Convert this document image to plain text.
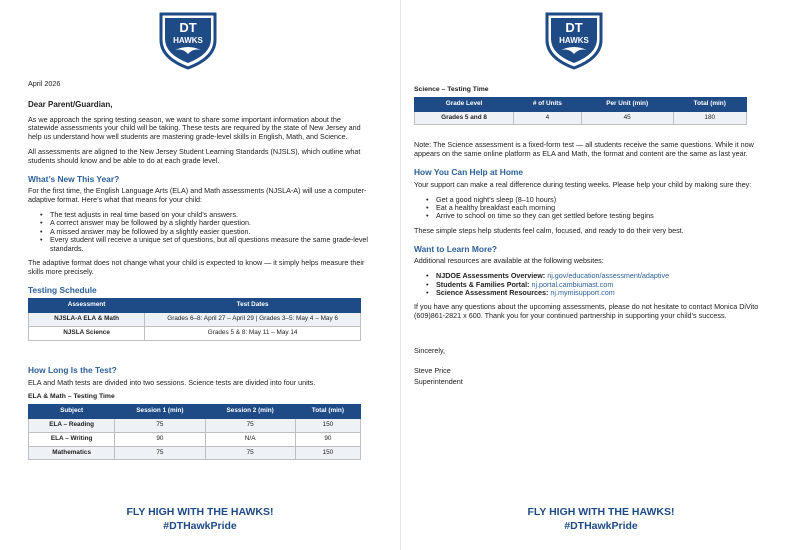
DT
HAWKS

April 2026

Dear Parent/Guardian,

As we approach the spring testing season, we want to share some important information about the statewide assessments your child will be taking. These tests are required by the state of New Jersey and help us understand how well students are mastering grade-level skills in English, Math, and Science.

All assessments are aligned to the New Jersey Student Learning Standards (NJSLS), which outline what students should know and be able to do at each grade level.

What’s New This Year?

For the first time, the English Language Arts (ELA) and Math assessments (NJSLA-A) will use a computer-adaptive format. Here’s what that means for your child:

• The test adjusts in real time based on your child’s answers.
• A correct answer may be followed by a slightly harder question.
• A missed answer may be followed by a slightly easier question.
• Every student will receive a unique set of questions, but all questions measure the same grade-level standards.

The adaptive format does not change what your child is expected to know — it simply helps measure their skills more precisely.

Testing Schedule
Assessment	Test Dates
NJSLA-A ELA & Math	Grades 6–8: April 27 – April 29 | Grades 3–5: May 4 – May 6
NJSLA Science	Grades 5 & 8: May 11 – May 14
How Long Is the Test?

ELA and Math tests are divided into two sessions. Science tests are divided into four units.

ELA & Math – Testing Time
Subject	Session 1 (min)	Session 2 (min)	Total (min)
ELA – Reading	75	75	150
ELA – Writing	90	N/A	90
Mathematics	75	75	150
FLY HIGH WITH THE HAWKS!
#DTHawkPride
DT
HAWKS
Science – Testing Time
Grade Level	# of Units	Per Unit (min)	Total (min)
Grades 5 and 8	4	45	180

Note: The Science assessment is a fixed-form test — all students receive the same questions. While it now appears on the same online platform as ELA and Math, the format and content are the same as last year.

How You Can Help at Home

Your support can make a real difference during testing weeks. Please help your child by making sure they:

• Get a good night’s sleep (8–10 hours)
• Eat a healthy breakfast each morning
• Arrive to school on time so they can get settled before testing begins

These simple steps help students feel calm, focused, and ready to do their very best.

Want to Learn More?

Additional resources are available at the following websites:

• NJDOE Assessments Overview: nj.gov/education/assessment/adaptive
• Students & Families Portal: nj.portal.cambiumast.com
• Science Assessment Resources: nj.mymisupport.com

If you have any questions about the upcoming assessments, please do not hesitate to contact Monica DiVito (609)861-2821 x 600. Thank you for your continued partnership in supporting your child’s success.

Sincerely,

Steve Price

Superintendent

FLY HIGH WITH THE HAWKS!
#DTHawkPride
